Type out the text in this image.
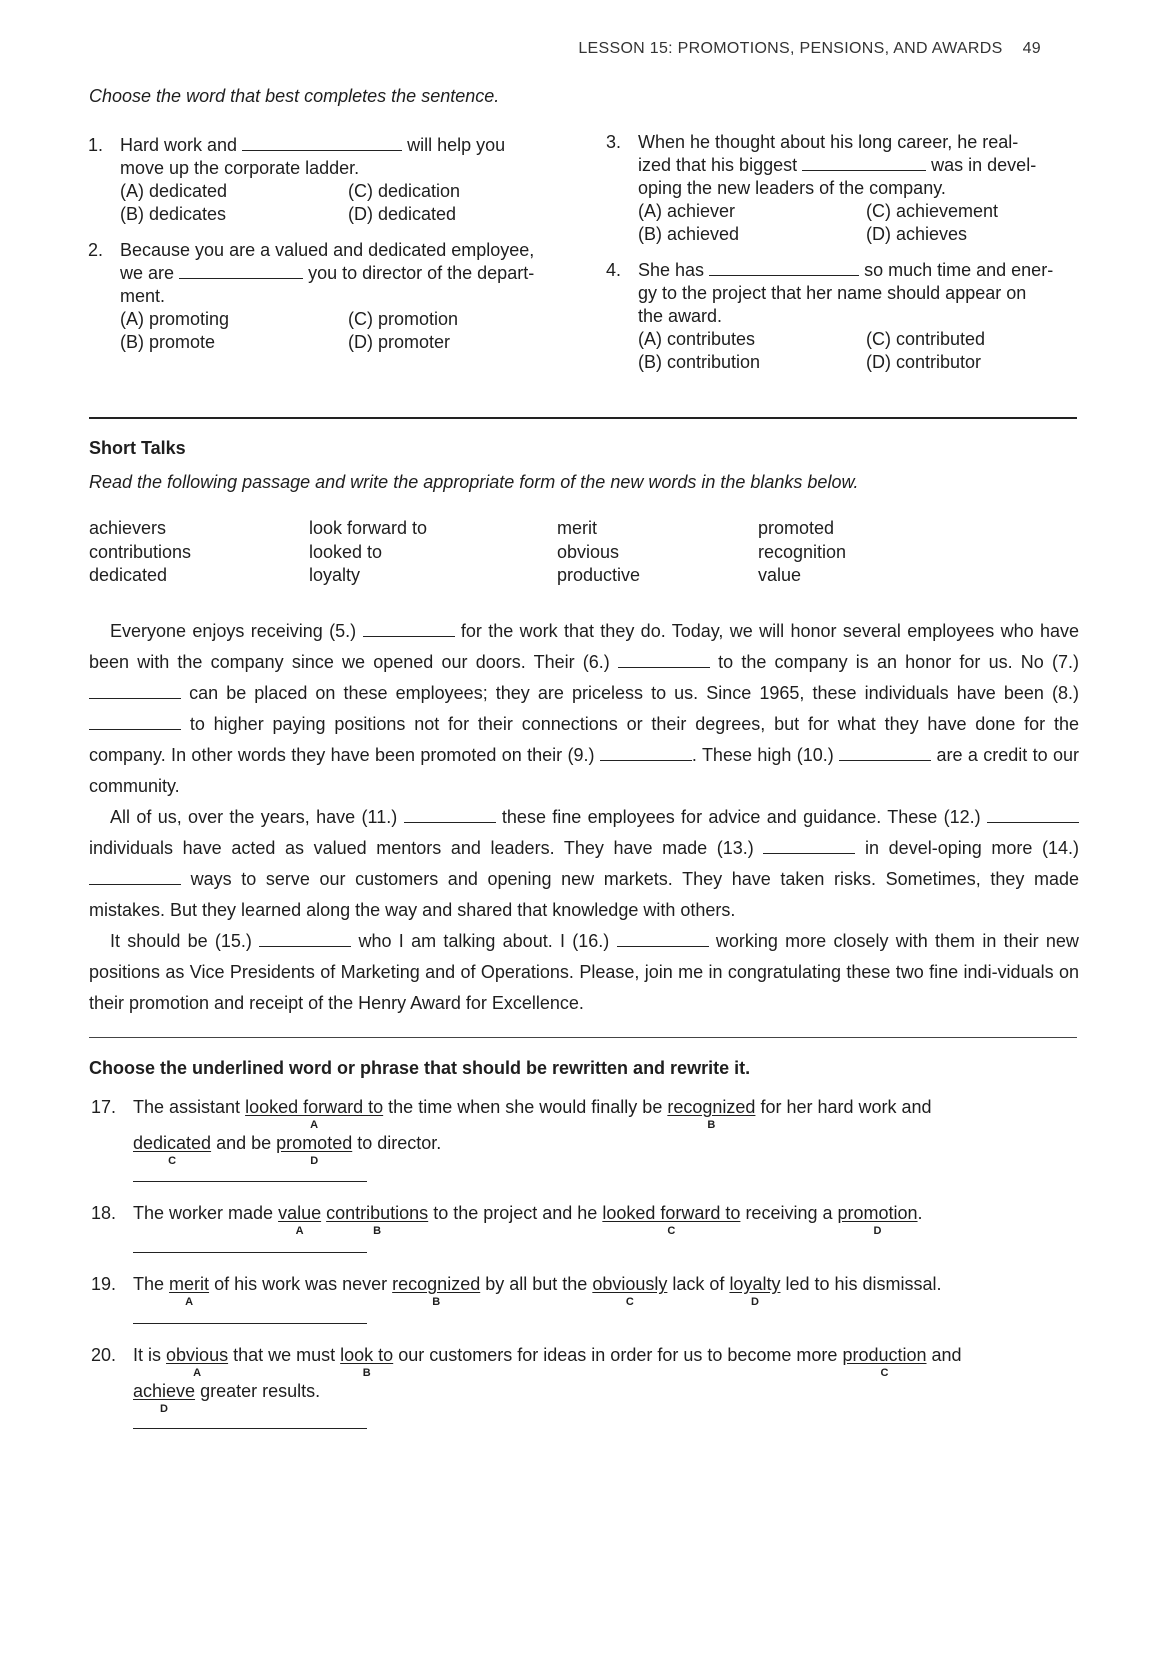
LESSON 15: PROMOTIONS, PENSIONS, AND AWARDS 49
Choose the word that best completes the sentence.
1. Hard work and	will help you
move up the corporate ladder.
(A) dedicated	(C) dedication
(B) dedicates	(D) dedicated
2. Because you are a valued and dedicated employee,
we are	you to director of the depart-
ment.
(A) promoting	(C) promotion
(B) promote	(D) promoter
3. When he thought about his long career, he real-
ized that his biggest	was in devel-
oping the new leaders of the company.
(A) achiever	(C) achievement
(B) achieved	(D) achieves
4. She has	so much time and ener-
gy to the project that her name should appear on
the award.
(A) contributes	(C) contributed
(B) contribution	(D) contributor
Short Talks
Read the following passage and write the appropriate form of the new words in the blanks below.
achievers	look forward to	merit	promoted
contributions	looked to	obvious	recognition
dedicated	loyalty	productive	value

Everyone enjoys receiving (5.)	for the work that they do. Today, we will honor several employees who have been with the company since we opened our doors. Their (6.)	to the company is an honor for us. No (7.)  can be placed on these employees; they are priceless to us. Since 1965, these individuals have been (8.)  to higher paying positions not for their connections or their degrees, but for what they have done for the company. In other words they have been promoted on their (9.)	. These high (10.)	are a credit to our community.

All of us, over the years, have (11.)	these fine employees for advice and guidance. These (12.)  individuals have acted as valued mentors and leaders. They have made (13.)	in devel-oping more (14.)  ways to serve our customers and opening new markets. They have taken risks. Sometimes, they made mistakes. But they learned along the way and shared that knowledge with others.

It should be (15.)	who I am talking about. I (16.)	working more closely with them in their new positions as Vice Presidents of Marketing and of Operations. Please, join me in congratulating these two fine indi-viduals on their promotion and receipt of the Henry Award for Excellence.

Choose the underlined word or phrase that should be rewritten and rewrite it.
17. The assistant looked forward to
A
the time when she would finally be recognized
B
for her hard work and
dedicated
C
and be promoted
D
to director.
18. The worker made value
A
contributions
B
to the project and he looked forward to
C
receiving a promotion
D
.
19. The merit
A
of his work was never recognized
B
by all but the obviously
C
lack of loyalty
D
led to his dismissal.
20. It is obvious
A
that we must look to
B
our customers for ideas in order for us to become more production
C
and
achieve
D
greater results.
